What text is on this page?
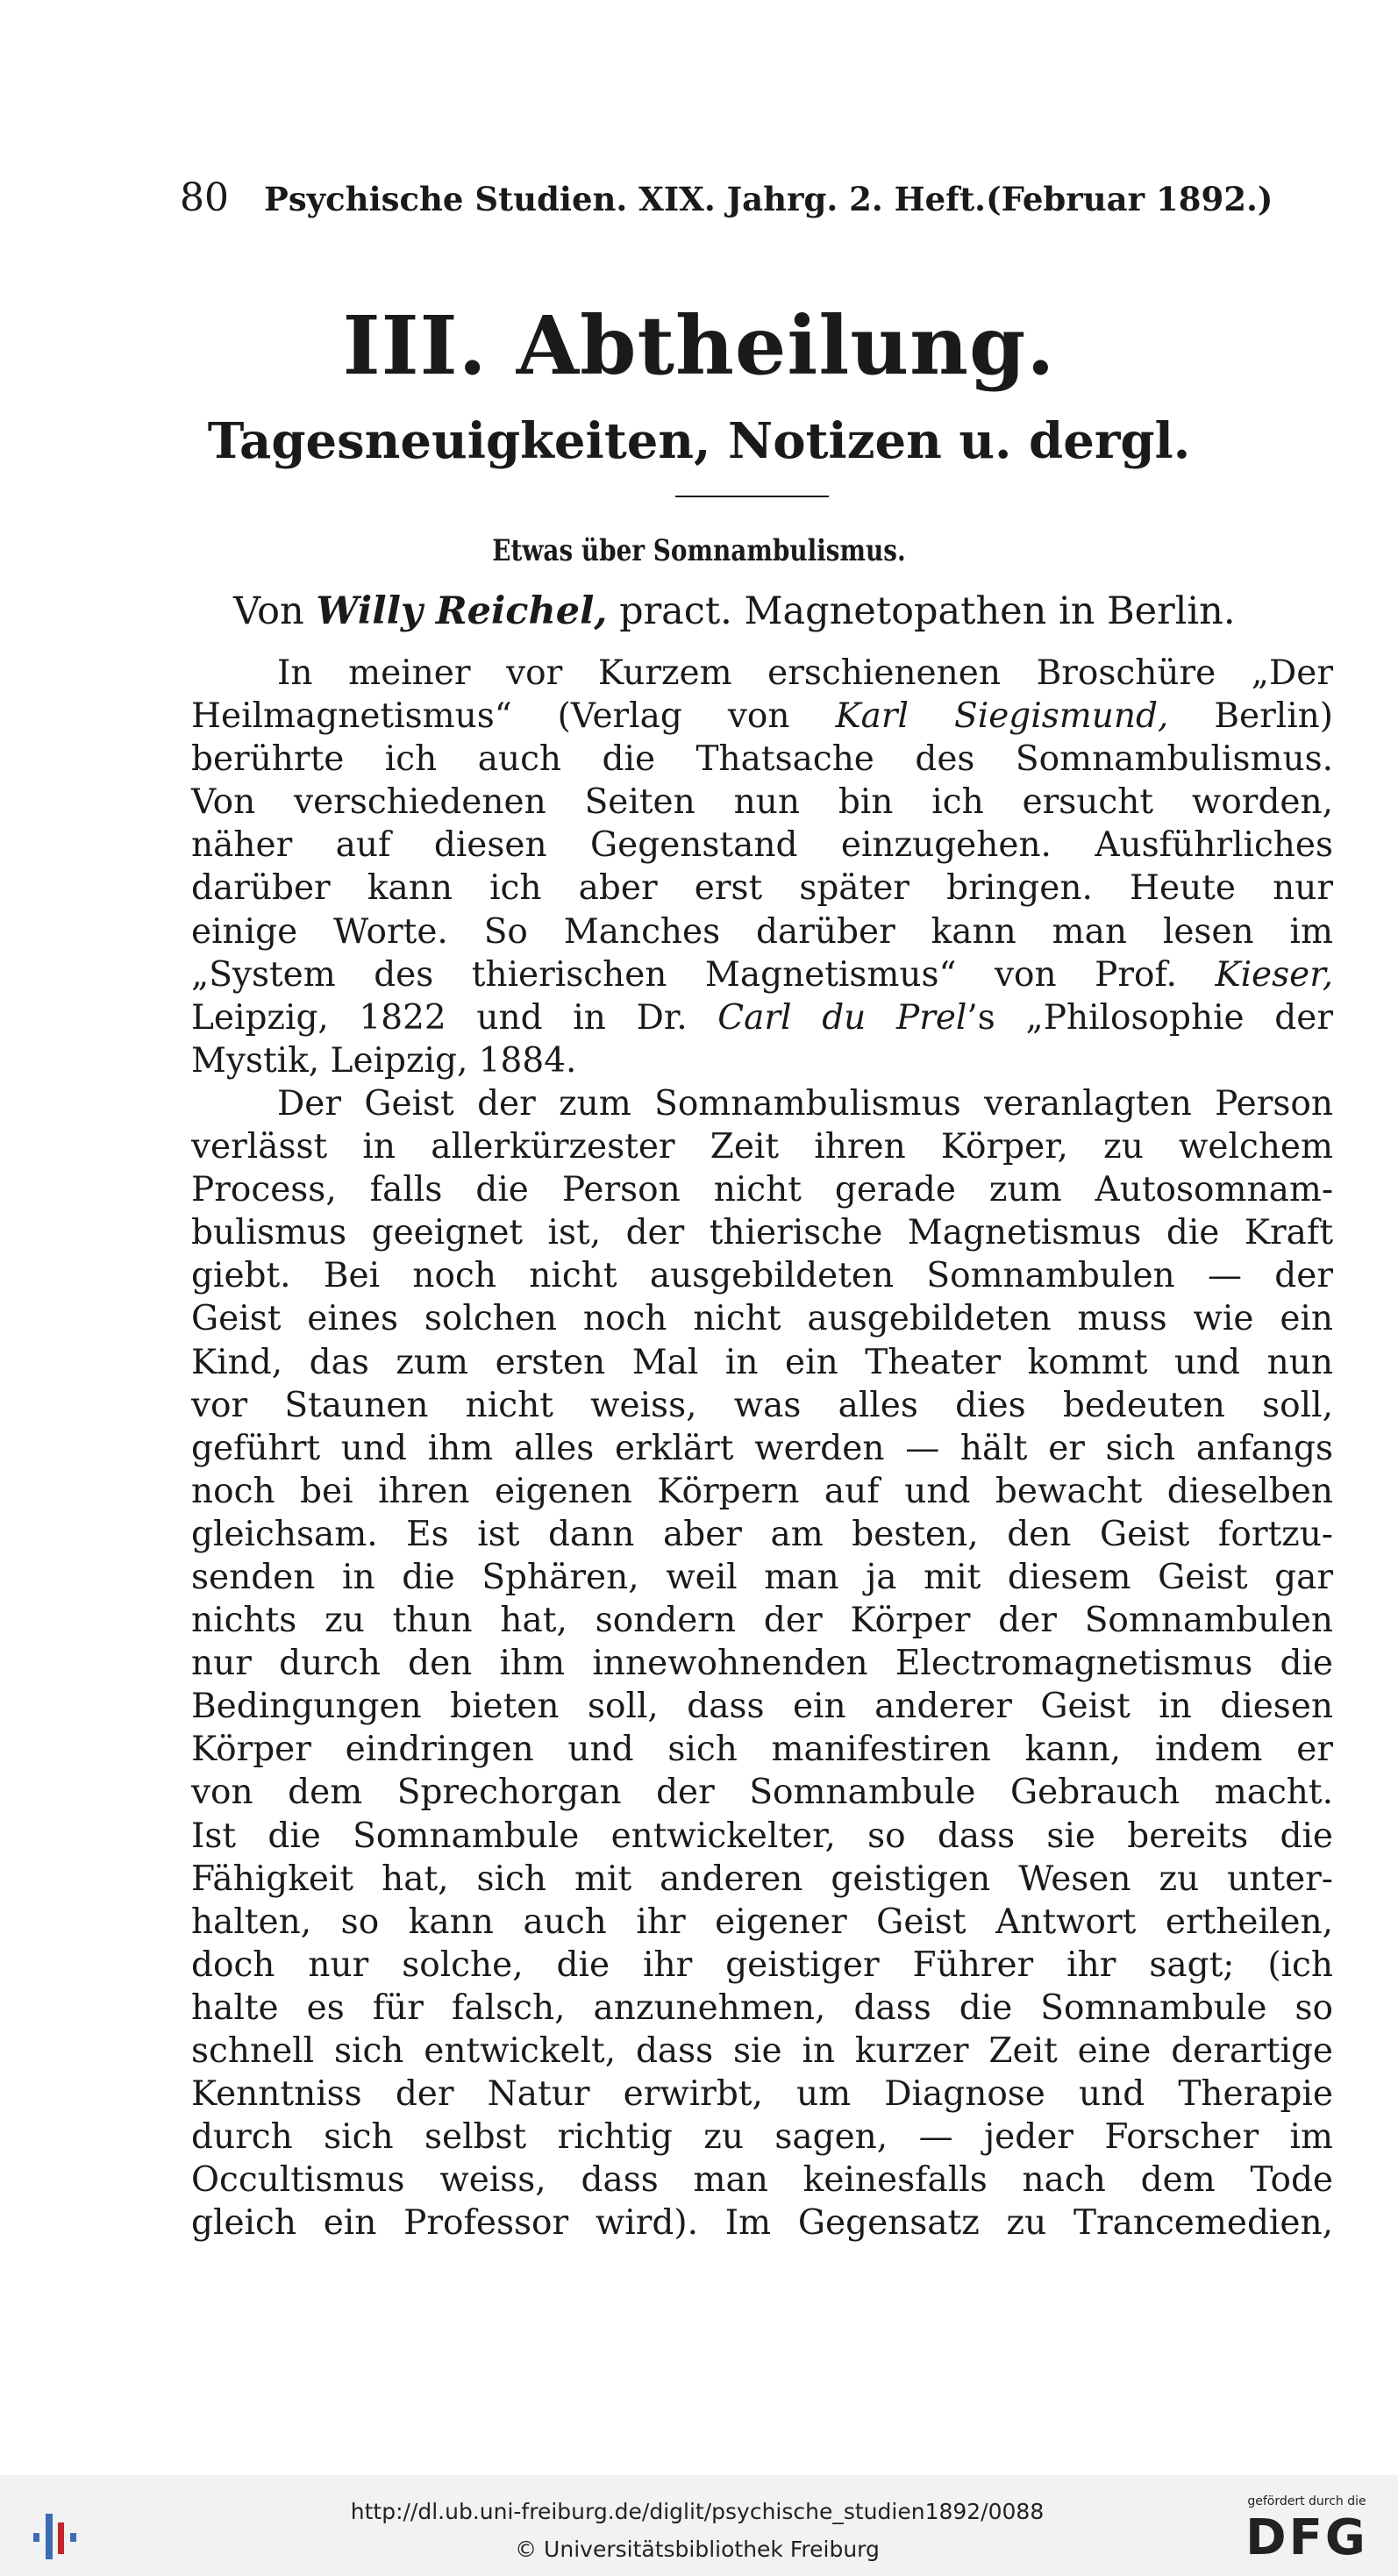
80 Psychische Studien. XIX. Jahrg. 2. Heft. (Februar 1892.)
III. Abtheilung.
Tagesneuigkeiten, Notizen u. dergl.
Etwas über Somnambulismus.
Von Willy Reichel, pract. Magnetopathen in Berlin.
In meiner vor Kurzem erschienenen Broschüre „Der
Heilmagnetismus“ (Verlag von Karl Siegismund, Berlin)
berührte ich auch die Thatsache des Somnambulismus.
Von verschiedenen Seiten nun bin ich ersucht worden,
näher auf diesen Gegenstand einzugehen. Ausführliches
darüber kann ich aber erst später bringen. Heute nur
einige Worte. So Manches darüber kann man lesen im
„System des thierischen Magnetismus“ von Prof. Kieser,
Leipzig, 1822 und in Dr. Carl du Prel’s „Philosophie der
Mystik, Leipzig, 1884.
Der Geist der zum Somnambulismus veranlagten Person
verlässt in allerkürzester Zeit ihren Körper, zu welchem
Process, falls die Person nicht gerade zum Autosomnam-
bulismus geeignet ist, der thierische Magnetismus die Kraft
giebt. Bei noch nicht ausgebildeten Somnambulen — der
Geist eines solchen noch nicht ausgebildeten muss wie ein
Kind, das zum ersten Mal in ein Theater kommt und nun
vor Staunen nicht weiss, was alles dies bedeuten soll,
geführt und ihm alles erklärt werden — hält er sich anfangs
noch bei ihren eigenen Körpern auf und bewacht dieselben
gleichsam. Es ist dann aber am besten, den Geist fortzu-
senden in die Sphären, weil man ja mit diesem Geist gar
nichts zu thun hat, sondern der Körper der Somnambulen
nur durch den ihm innewohnenden Electromagnetismus die
Bedingungen bieten soll, dass ein anderer Geist in diesen
Körper eindringen und sich manifestiren kann, indem er
von dem Sprechorgan der Somnambule Gebrauch macht.
Ist die Somnambule entwickelter, so dass sie bereits die
Fähigkeit hat, sich mit anderen geistigen Wesen zu unter-
halten, so kann auch ihr eigener Geist Antwort ertheilen,
doch nur solche, die ihr geistiger Führer ihr sagt; (ich
halte es für falsch, anzunehmen, dass die Somnambule so
schnell sich entwickelt, dass sie in kurzer Zeit eine derartige
Kenntniss der Natur erwirbt, um Diagnose und Therapie
durch sich selbst richtig zu sagen, — jeder Forscher im
Occultismus weiss, dass man keinesfalls nach dem Tode
gleich ein Professor wird). Im Gegensatz zu Trancemedien,
http://dl.ub.uni-freiburg.de/diglit/psychische_studien1892/0088
© Universitätsbibliothek Freiburg
gefördert durch die
DFG
